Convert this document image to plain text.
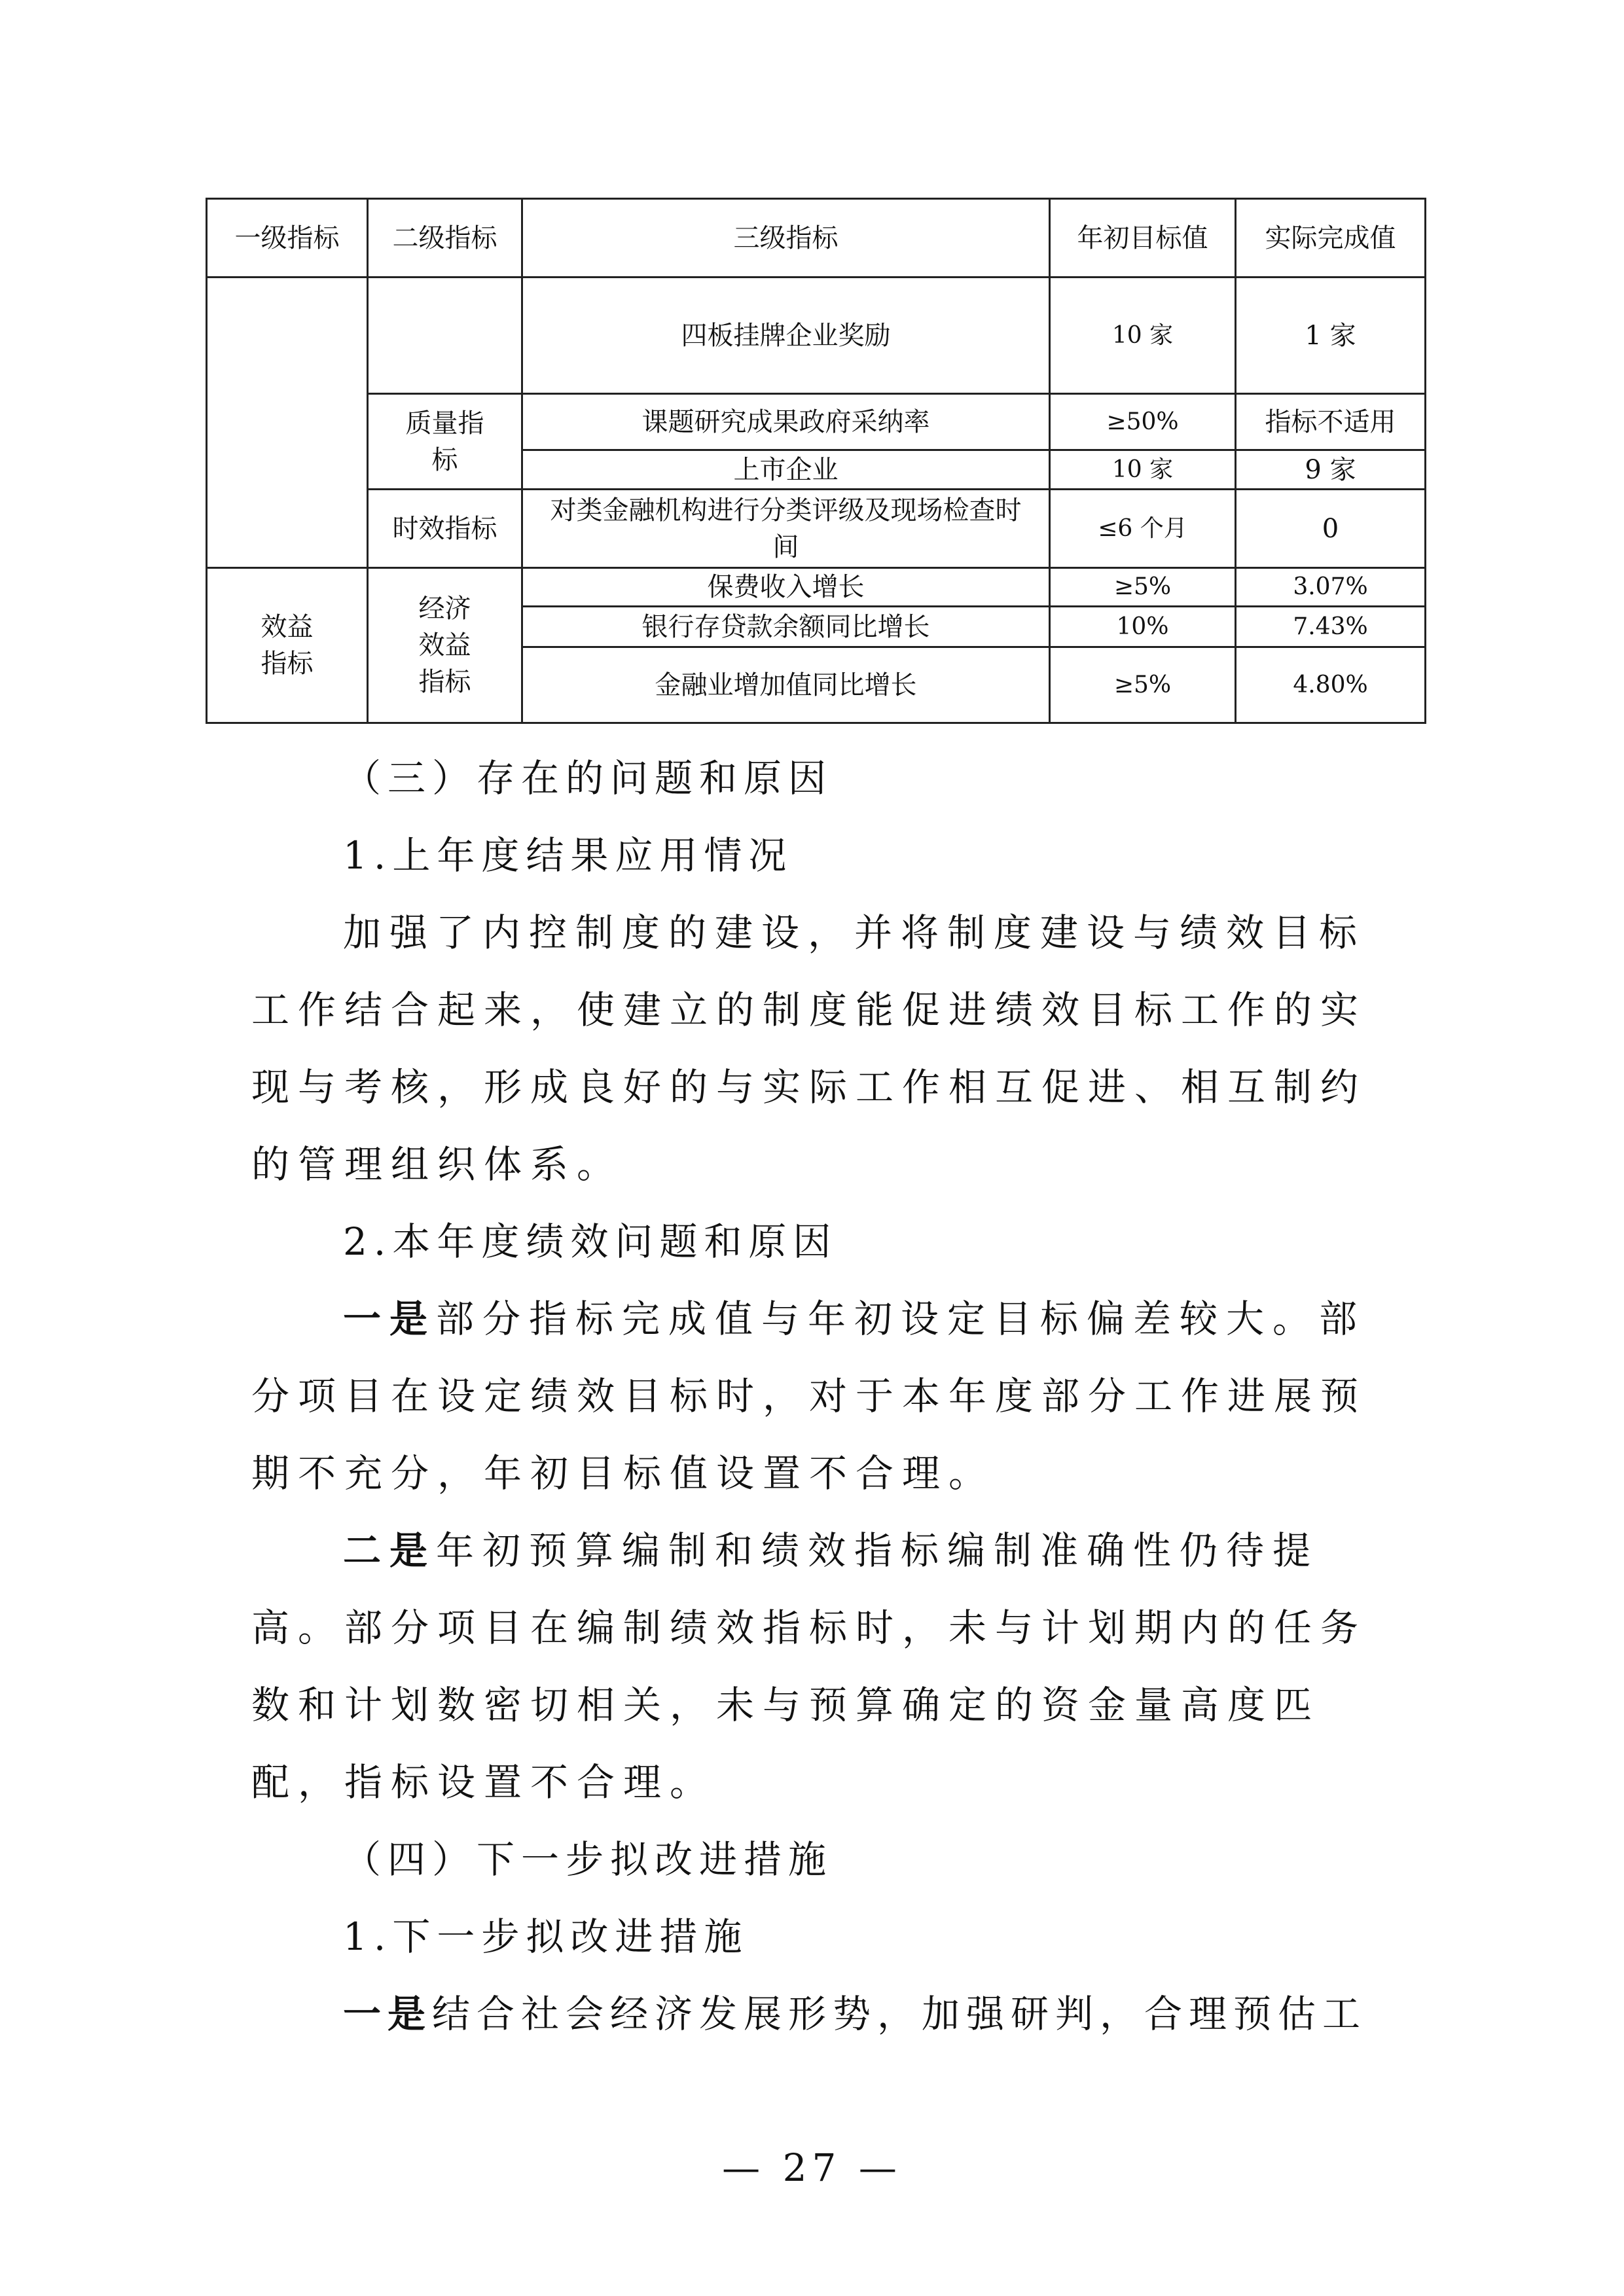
一级指标	二级指标	三级指标	年初目标值	实际完成值
		四板挂牌企业奖励	10 家	1 家
	质量指标	课题研究成果政府采纳率	≥50%	指标不适用
		上市企业	10 家	9 家
	时效指标	对类金融机构进行分类评级及现场检查时间	≤6 个月	0
效益指标	经济效益指标	保费收入增长	≥5%	3.07%
		银行存贷款余额同比增长	10%	7.43%
		金融业增加值同比增长	≥5%	4.80%

（三）存在的问题和原因

1.上年度结果应用情况

加强了内控制度的建设，并将制度建设与绩效目标工作结合起来，使建立的制度能促进绩效目标工作的实现与考核，形成良好的与实际工作相互促进、相互制约的管理组织体系。

2.本年度绩效问题和原因

一是部分指标完成值与年初设定目标偏差较大。部分项目在设定绩效目标时，对于本年度部分工作进展预期不充分，年初目标值设置不合理。

二是年初预算编制和绩效指标编制准确性仍待提高。部分项目在编制绩效指标时，未与计划期内的任务数和计划数密切相关，未与预算确定的资金量高度匹配，指标设置不合理。

（四）下一步拟改进措施

1.下一步拟改进措施

一是结合社会经济发展形势，加强研判，合理预估工

— 27 —
